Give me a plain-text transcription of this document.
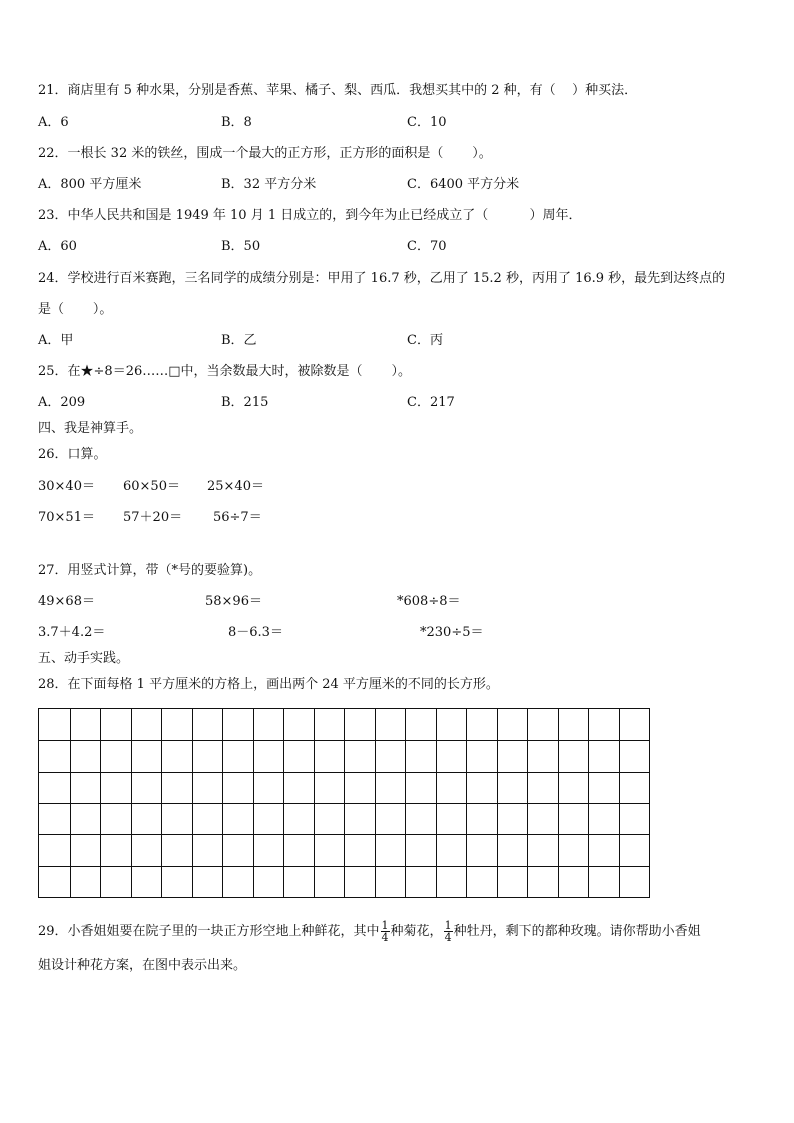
21．商店里有 5 种水果，分别是香蕉、苹果、橘子、梨、西瓜．我想买其中的 2 种，有（    ）种买法．
A．6	B．8	C．10
22．一根长 32 米的铁丝，围成一个最大的正方形，正方形的面积是（       ）。
A．800 平方厘米	B．32 平方分米	C．6400 平方分米
23．中华人民共和国是 1949 年 10 月 1 日成立的，到今年为止已经成立了（          ）周年．
A．60	B．50	C．70
24．学校进行百米赛跑，三名同学的成绩分别是：甲用了 16.7 秒，乙用了 15.2 秒，丙用了 16.9 秒，最先到达终点的
是（       ）。
A．甲	B．乙	C．丙
25．在★÷8＝26……□中，当余数最大时，被除数是（       ）。
A．209	B．215	C．217
四、我是神算手。
26．口算。
30×40＝ 60×50＝ 25×40＝
70×51＝ 57＋20＝ 56÷7＝
27．用竖式计算，带（*号的要验算)。
49×68＝	58×96＝	*608÷8＝
3.7＋4.2＝	8－6.3＝	*230÷5＝
五、动手实践。
28．在下面每格 1 平方厘米的方格上，画出两个 24 平方厘米的不同的长方形。
29．小香姐姐要在院子里的一块正方形空地上种鲜花，其中 $\frac{1}{4}$ 种菊花， $\frac{1}{4}$ 种牡丹，剩下的都种玫瑰。请你帮助小香姐
姐设计种花方案，在图中表示出来。
